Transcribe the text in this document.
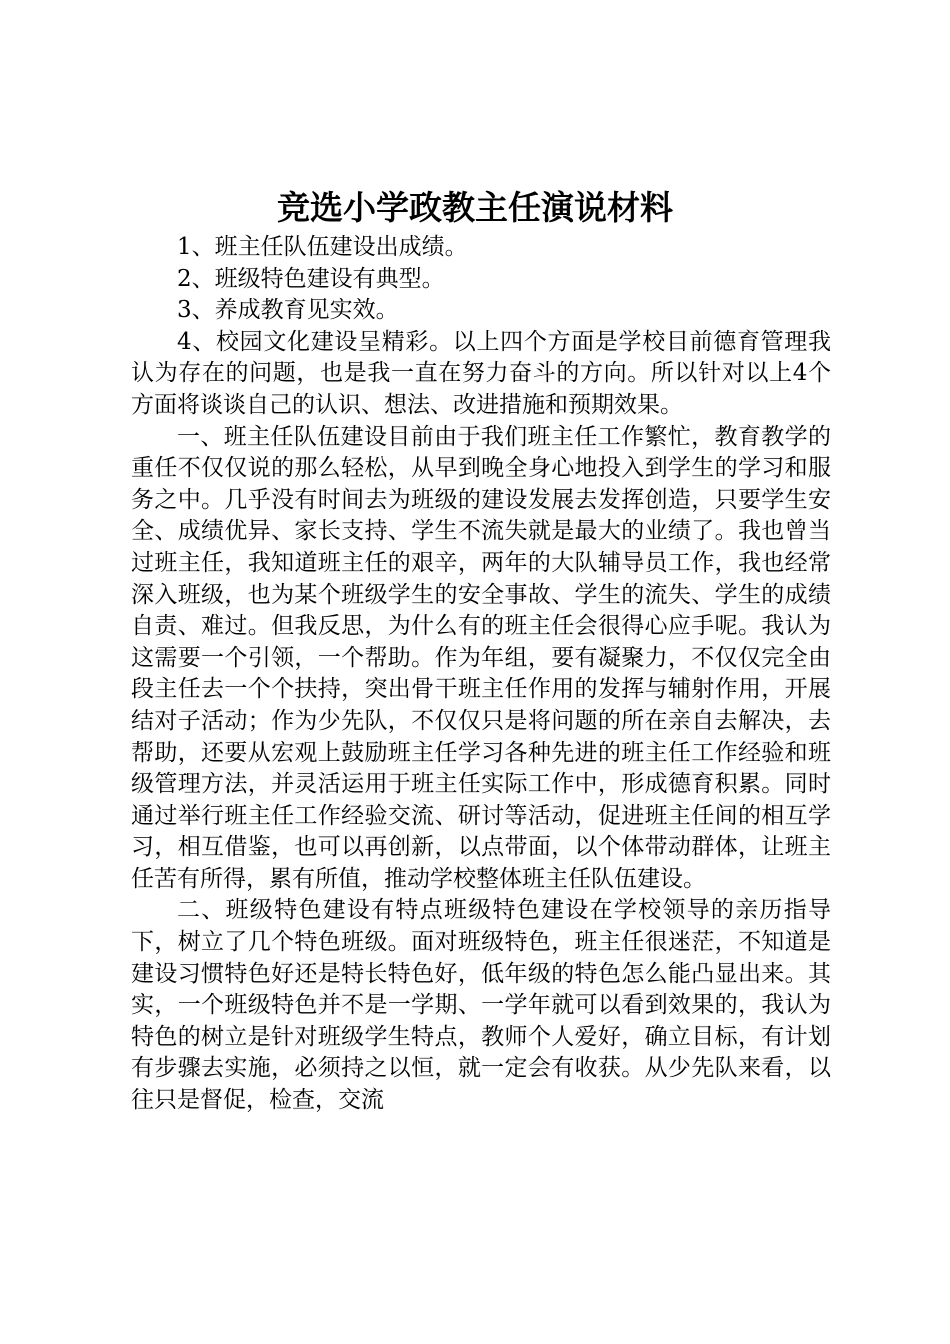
竞选小学政教主任演说材料

1、班主任队伍建设出成绩。

2、班级特色建设有典型。

3、养成教育见实效。

4、校园文化建设呈精彩。以上四个方面是学校目前德育管理我认为存在的问题，也是我一直在努力奋斗的方向。所以针对以上4个方面将谈谈自己的认识、想法、改进措施和预期效果。

一、班主任队伍建设目前由于我们班主任工作繁忙，教育教学的重任不仅仅说的那么轻松，从早到晚全身心地投入到学生的学习和服务之中。几乎没有时间去为班级的建设发展去发挥创造，只要学生安全、成绩优异、家长支持、学生不流失就是最大的业绩了。我也曾当过班主任，我知道班主任的艰辛，两年的大队辅导员工作，我也经常深入班级，也为某个班级学生的安全事故、学生的流失、学生的成绩自责、难过。但我反思，为什么有的班主任会很得心应手呢。我认为这需要一个引领，一个帮助。作为年组，要有凝聚力，不仅仅完全由段主任去一个个扶持，突出骨干班主任作用的发挥与辅射作用，开展结对子活动；作为少先队，不仅仅只是将问题的所在亲自去解决，去帮助，还要从宏观上鼓励班主任学习各种先进的班主任工作经验和班级管理方法，并灵活运用于班主任实际工作中，形成德育积累。同时通过举行班主任工作经验交流、研讨等活动，促进班主任间的相互学习，相互借鉴，也可以再创新，以点带面，以个体带动群体，让班主任苦有所得，累有所值，推动学校整体班主任队伍建设。

二、班级特色建设有特点班级特色建设在学校领导的亲历指导下，树立了几个特色班级。面对班级特色，班主任很迷茫，不知道是建设习惯特色好还是特长特色好，低年级的特色怎么能凸显出来。其实，一个班级特色并不是一学期、一学年就可以看到效果的，我认为特色的树立是针对班级学生特点，教师个人爱好，确立目标，有计划有步骤去实施，必须持之以恒，就一定会有收获。从少先队来看，以往只是督促，检查，交流
